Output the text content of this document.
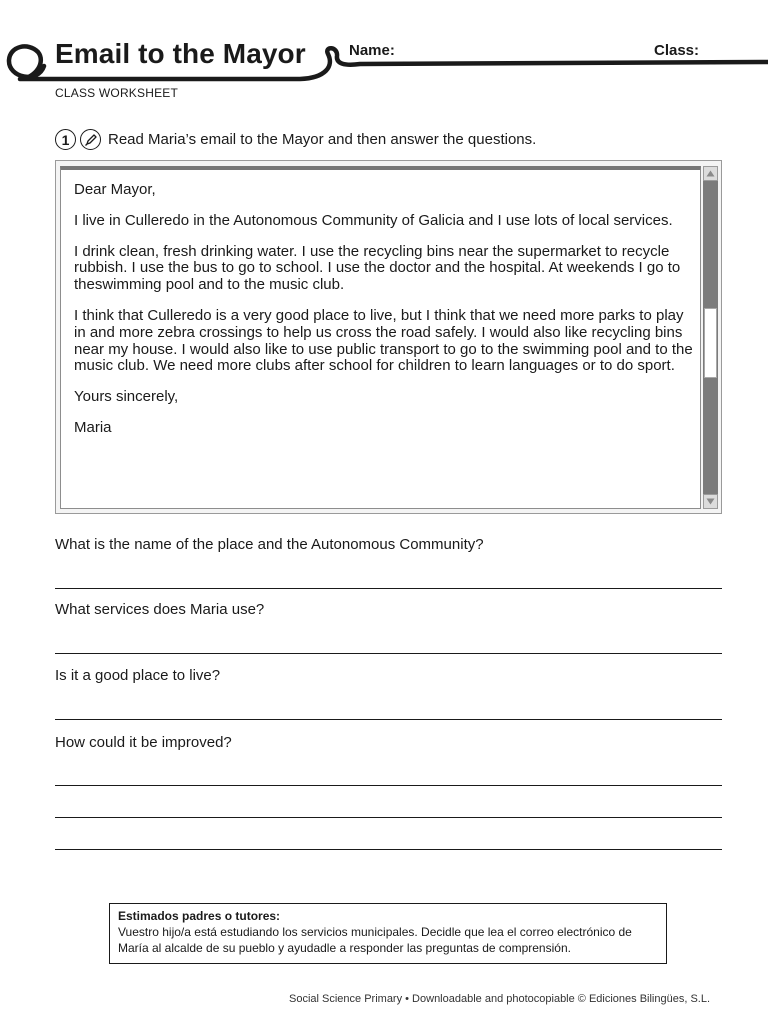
Email to the Mayor	Name:	Class:
CLASS WORKSHEET
1	Read Maria’s email to the Mayor and then answer the questions.

Dear Mayor,

I live in Culleredo in the Autonomous Community of Galicia and I use lots of local services.

I drink clean, fresh drinking water. I use the recycling bins near the supermarket to recycle rubbish. I use the bus to go to school. I use the doctor and the hospital. At weekends I go to theswimming pool and to the music club.

I think that Culleredo is a very good place to live, but I think that we need more parks to play in and more zebra crossings to help us cross the road safely. I would also like recycling bins near my house. I would also like to use public transport to go to the swimming pool and to the music club. We need more clubs after school for children to learn languages or to do sport.

Yours sincerely,

Maria

What is the name of the place and the Autonomous Community?
What services does Maria use?
Is it a good place to live?
How could it be improved?
Estimados padres o tutores:
Vuestro hijo/a está estudiando los servicios municipales. Decidle que lea el correo electrónico de María al alcalde de su pueblo y ayudadle a responder las preguntas de comprensión.
Social Science Primary • Downloadable and photocopiable © Ediciones Bilingües, S.L.
